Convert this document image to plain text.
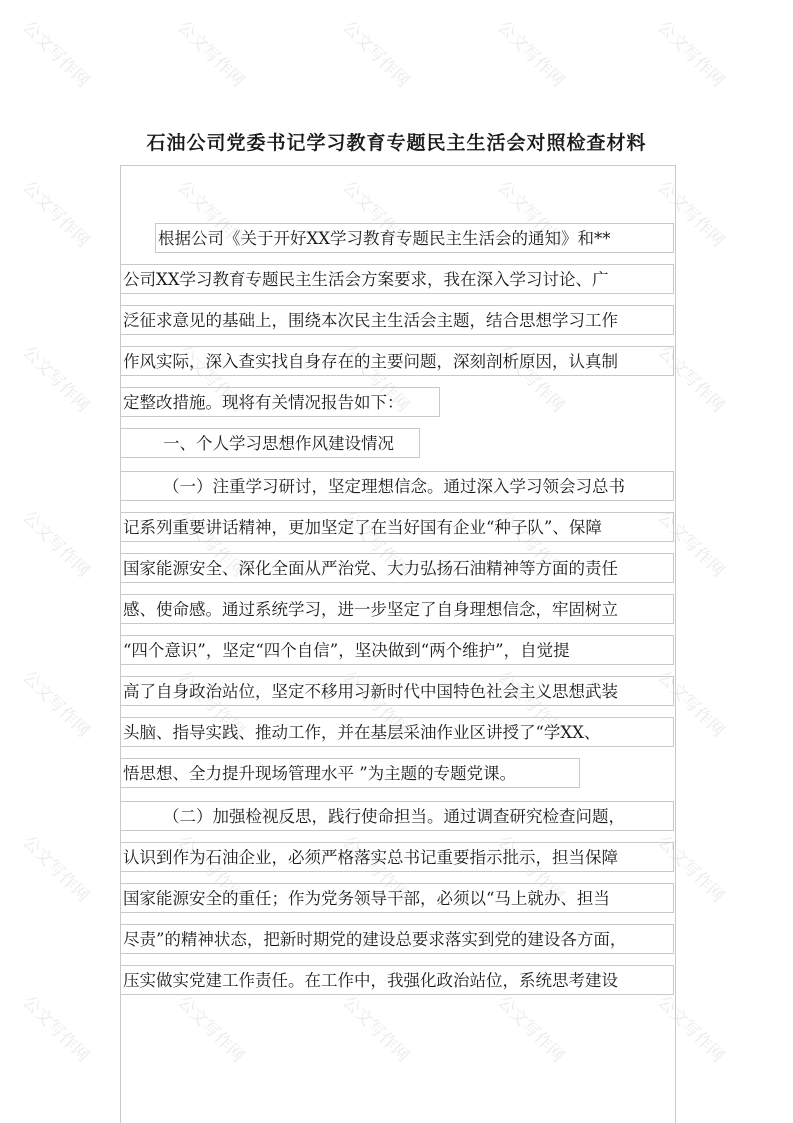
公文写作网	公文写作网	公文写作网	公文写作网	公文写作网
公文写作网	公文写作网	公文写作网	公文写作网	公文写作网
公文写作网	公文写作网	公文写作网	公文写作网	公文写作网
公文写作网	公文写作网	公文写作网	公文写作网	公文写作网
公文写作网	公文写作网	公文写作网	公文写作网	公文写作网
公文写作网	公文写作网	公文写作网	公文写作网	公文写作网
公文写作网	公文写作网	公文写作网	公文写作网	公文写作网
石油公司党委书记学习教育专题民主生活会对照检查材料
根据公司《关于开好XX学习教育专题民主生活会的通知》和**
公司XX学习教育专题民主生活会方案要求，我在深入学习讨论、广
泛征求意见的基础上，围绕本次民主生活会主题，结合思想学习工作
作风实际，深入查实找自身存在的主要问题，深刻剖析原因，认真制
定整改措施。现将有关情况报告如下：
一、个人学习思想作风建设情况
（一）注重学习研讨，坚定理想信念。通过深入学习领会习总书
记系列重要讲话精神，更加坚定了在当好国有企业“种子队”、保障
国家能源安全、深化全面从严治党、大力弘扬石油精神等方面的责任
感、使命感。通过系统学习，进一步坚定了自身理想信念，牢固树立
“四个意识”，坚定“四个自信”，坚决做到“两个维护”，自觉提
高了自身政治站位，坚定不移用习新时代中国特色社会主义思想武装
头脑、指导实践、推动工作，并在基层采油作业区讲授了“学XX、
悟思想、全力提升现场管理水平 ”为主题的专题党课。
（二）加强检视反思，践行使命担当。通过调查研究检查问题，
认识到作为石油企业，必须严格落实总书记重要指示批示，担当保障
国家能源安全的重任；作为党务领导干部，必须以“马上就办、担当
尽责”的精神状态，把新时期党的建设总要求落实到党的建设各方面，
压实做实党建工作责任。在工作中，我强化政治站位，系统思考建设
